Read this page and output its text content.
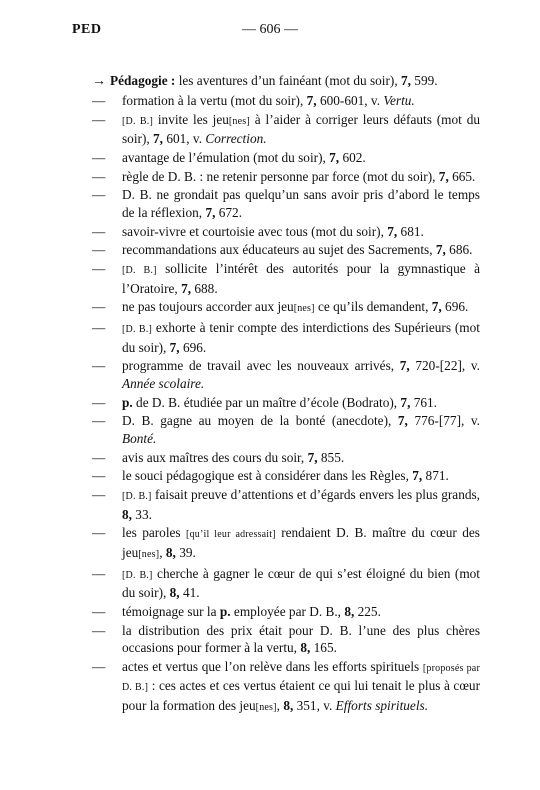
PED	— 606 —
→ Pédagogie : les aventures d’un fainéant (mot du soir), 7, 599.
— formation à la vertu (mot du soir), 7, 600-601, v. Vertu.
— [D. B.] invite les jeu[nes] à l’aider à corriger leurs défauts (mot du soir), 7, 601, v. Correction.
— avantage de l’émulation (mot du soir), 7, 602.
— règle de D. B. : ne retenir personne par force (mot du soir), 7, 665.
— D. B. ne grondait pas quelqu’un sans avoir pris d’abord le temps de la réflexion, 7, 672.
— savoir-vivre et courtoisie avec tous (mot du soir), 7, 681.
— recommandations aux éducateurs au sujet des Sacrements, 7, 686.
— [D. B.] sollicite l’intérêt des autorités pour la gymnastique à l’Oratoire, 7, 688.
— ne pas toujours accorder aux jeu[nes] ce qu’ils demandent, 7, 696.
— [D. B.] exhorte à tenir compte des interdictions des Supérieurs (mot du soir), 7, 696.
— programme de travail avec les nouveaux arrivés, 7, 720-[22], v. Année scolaire.
— p. de D. B. étudiée par un maître d’école (Bodrato), 7, 761.
— D. B. gagne au moyen de la bonté (anecdote), 7, 776-[77], v. Bonté.
— avis aux maîtres des cours du soir, 7, 855.
— le souci pédagogique est à considérer dans les Règles, 7, 871.
— [D. B.] faisait preuve d’attentions et d’égards envers les plus grands, 8, 33.
— les paroles [qu’il leur adressait] rendaient D. B. maître du cœur des jeu[nes], 8, 39.
— [D. B.] cherche à gagner le cœur de qui s’est éloigné du bien (mot du soir), 8, 41.
— témoignage sur la p. employée par D. B., 8, 225.
— la distribution des prix était pour D. B. l’une des plus chères occasions pour former à la vertu, 8, 165.
— actes et vertus que l’on relève dans les efforts spirituels [proposés par D. B.] : ces actes et ces vertus étaient ce qui lui tenait le plus à cœur pour la formation des jeu[nes], 8, 351, v. Efforts spirituels.
